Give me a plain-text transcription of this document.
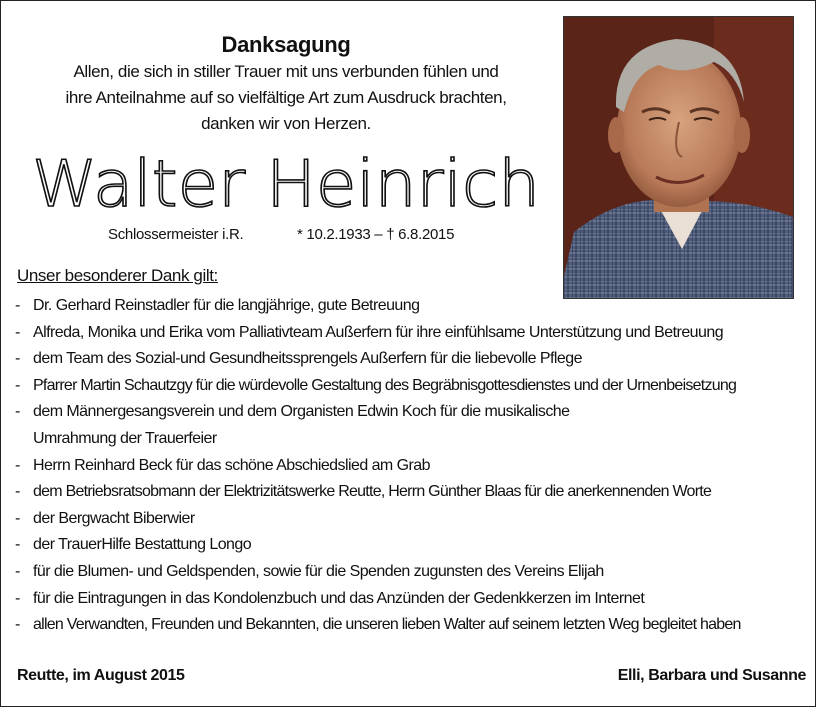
Danksagung
Allen, die sich in stiller Trauer mit uns verbunden fühlen und
ihre Anteilnahme auf so vielfältige Art zum Ausdruck brachten,
danken wir von Herzen.
Walter Heinrich
Schlossermeister i.R.	* 10.2.1933 – † 6.8.2015
Unser besonderer Dank gilt:
- Dr. Gerhard Reinstadler für die langjährige, gute Betreuung
- Alfreda, Monika und Erika vom Palliativteam Außerfern für ihre einfühlsame Unterstützung und Betreuung
- dem Team des Sozial-und Gesundheitssprengels Außerfern für die liebevolle Pflege
- Pfarrer Martin Schautzgy für die würdevolle Gestaltung des Begräbnisgottesdienstes und der Urnenbeisetzung
- dem Männergesangsverein und dem Organisten Edwin Koch für die musikalische
Umrahmung der Trauerfeier
- Herrn Reinhard Beck für das schöne Abschiedslied am Grab
- dem Betriebsratsobmann der Elektrizitätswerke Reutte, Herrn Günther Blaas für die anerkennenden Worte
- der Bergwacht Biberwier
- der TrauerHilfe Bestattung Longo
- für die Blumen- und Geldspenden, sowie für die Spenden zugunsten des Vereins Elijah
- für die Eintragungen in das Kondolenzbuch und das Anzünden der Gedenkkerzen im Internet
- allen Verwandten, Freunden und Bekannten, die unseren lieben Walter auf seinem letzten Weg begleitet haben
Reutte, im August 2015	Elli, Barbara und Susanne
